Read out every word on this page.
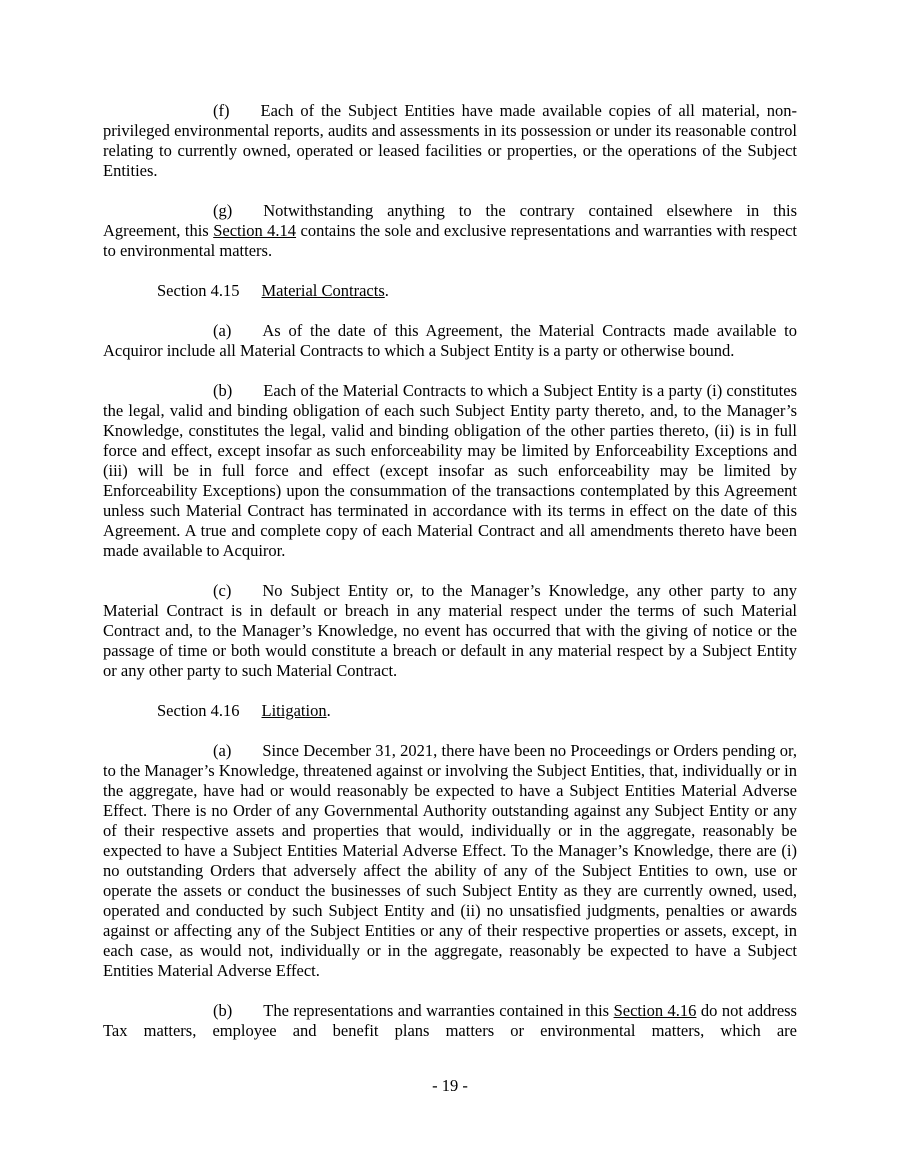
(f) Each of the Subject Entities have made available copies of all material, non-privileged environmental reports, audits and assessments in its possession or under its reasonable control relating to currently owned, operated or leased facilities or properties, or the operations of the Subject Entities.

(g) Notwithstanding anything to the contrary contained elsewhere in this Agreement, this Section 4.14 contains the sole and exclusive representations and warranties with respect to environmental matters.

Section 4.15 Material Contracts.

(a) As of the date of this Agreement, the Material Contracts made available to Acquiror include all Material Contracts to which a Subject Entity is a party or otherwise bound.

(b) Each of the Material Contracts to which a Subject Entity is a party (i) constitutes the legal, valid and binding obligation of each such Subject Entity party thereto, and, to the Manager’s Knowledge, constitutes the legal, valid and binding obligation of the other parties thereto, (ii) is in full force and effect, except insofar as such enforceability may be limited by Enforceability Exceptions and (iii) will be in full force and effect (except insofar as such enforceability may be limited by Enforceability Exceptions) upon the consummation of the transactions contemplated by this Agreement unless such Material Contract has terminated in accordance with its terms in effect on the date of this Agreement. A true and complete copy of each Material Contract and all amendments thereto have been made available to Acquiror.

(c) No Subject Entity or, to the Manager’s Knowledge, any other party to any Material Contract is in default or breach in any material respect under the terms of such Material Contract and, to the Manager’s Knowledge, no event has occurred that with the giving of notice or the passage of time or both would constitute a breach or default in any material respect by a Subject Entity or any other party to such Material Contract.

Section 4.16 Litigation.

(a) Since December 31, 2021, there have been no Proceedings or Orders pending or, to the Manager’s Knowledge, threatened against or involving the Subject Entities, that, individually or in the aggregate, have had or would reasonably be expected to have a Subject Entities Material Adverse Effect. There is no Order of any Governmental Authority outstanding against any Subject Entity or any of their respective assets and properties that would, individually or in the aggregate, reasonably be expected to have a Subject Entities Material Adverse Effect. To the Manager’s Knowledge, there are (i) no outstanding Orders that adversely affect the ability of any of the Subject Entities to own, use or operate the assets or conduct the businesses of such Subject Entity as they are currently owned, used, operated and conducted by such Subject Entity and (ii) no unsatisfied judgments, penalties or awards against or affecting any of the Subject Entities or any of their respective properties or assets, except, in each case, as would not, individually or in the aggregate, reasonably be expected to have a Subject Entities Material Adverse Effect.

(b) The representations and warranties contained in this Section 4.16 do not address Tax matters, employee and benefit plans matters or environmental matters, which are

- 19 -
